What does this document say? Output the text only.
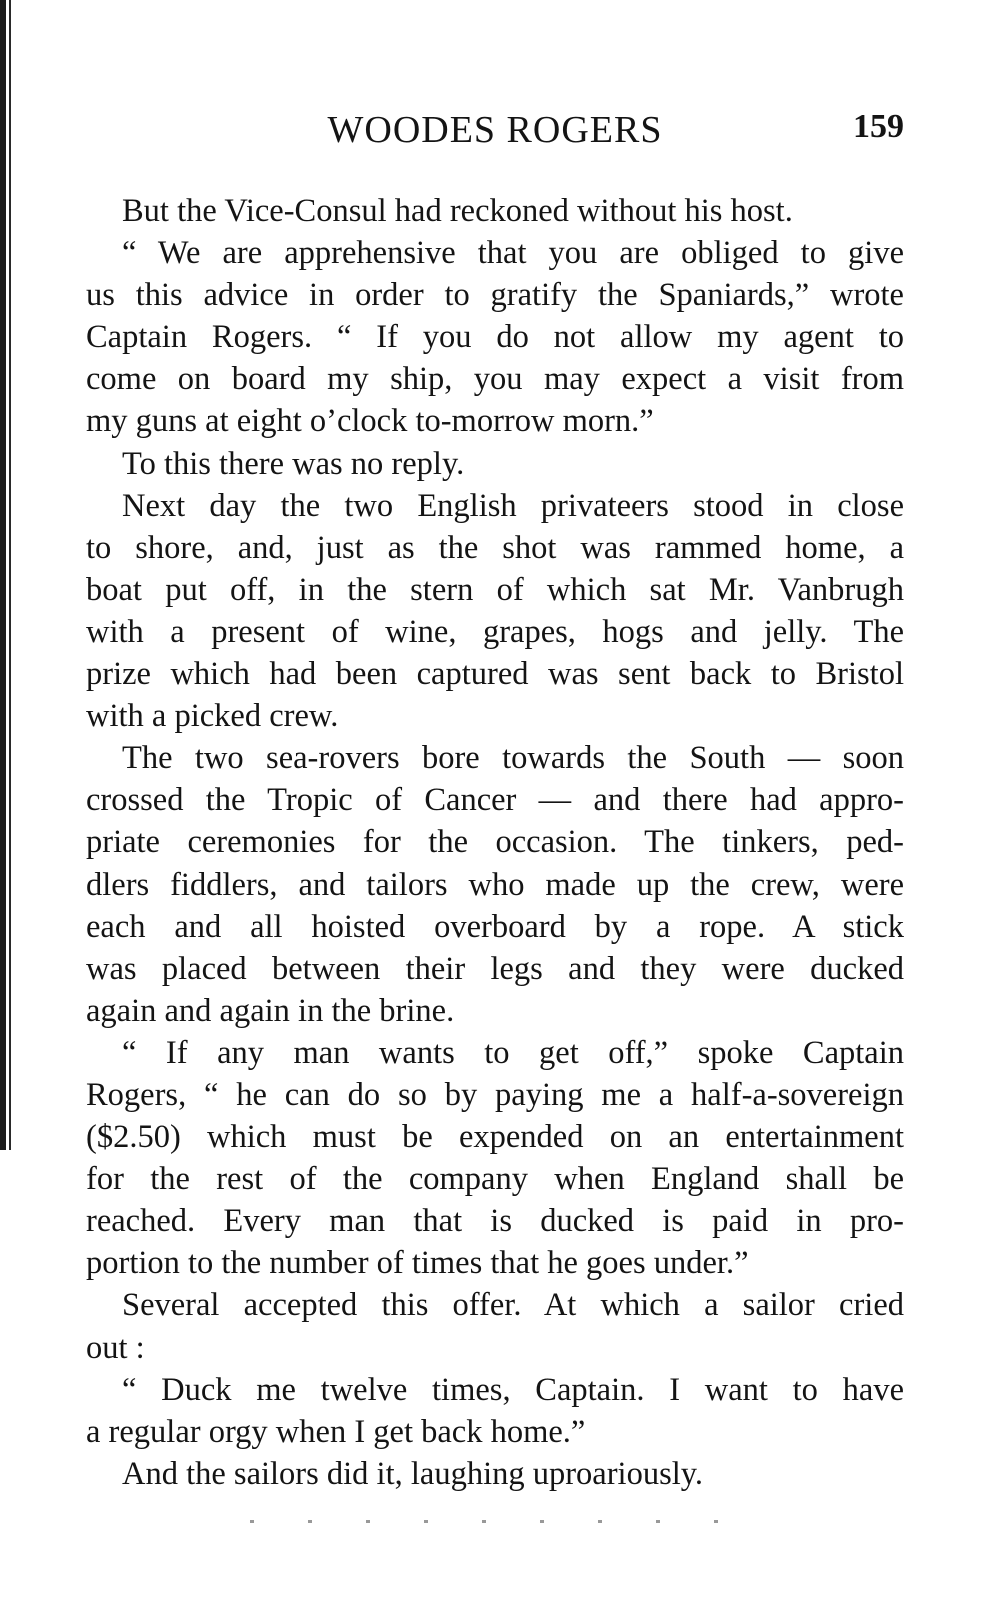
WOODES ROGERS	159
But the Vice-Consul had reckoned without his host.
“ We are apprehensive that you are obliged to give
us this advice in order to gratify the Spaniards,” wrote
Captain Rogers. “ If you do not allow my agent to
come on board my ship, you may expect a visit from
my guns at eight o’clock to-morrow morn.”
To this there was no reply.
Next day the two English privateers stood in close
to shore, and, just as the shot was rammed home, a
boat put off, in the stern of which sat Mr. Vanbrugh
with a present of wine, grapes, hogs and jelly. The
prize which had been captured was sent back to Bristol
with a picked crew.
The two sea-rovers bore towards the South — soon
crossed the Tropic of Cancer — and there had appro-
priate ceremonies for the occasion. The tinkers, ped-
dlers fiddlers, and tailors who made up the crew, were
each and all hoisted overboard by a rope. A stick
was placed between their legs and they were ducked
again and again in the brine.
“ If any man wants to get off,” spoke Captain
Rogers, “ he can do so by paying me a half-a-sovereign
($2.50) which must be expended on an entertainment
for the rest of the company when England shall be
reached. Every man that is ducked is paid in pro-
portion to the number of times that he goes under.”
Several accepted this offer. At which a sailor cried
out :
“ Duck me twelve times, Captain. I want to have
a regular orgy when I get back home.”
And the sailors did it, laughing uproariously.
